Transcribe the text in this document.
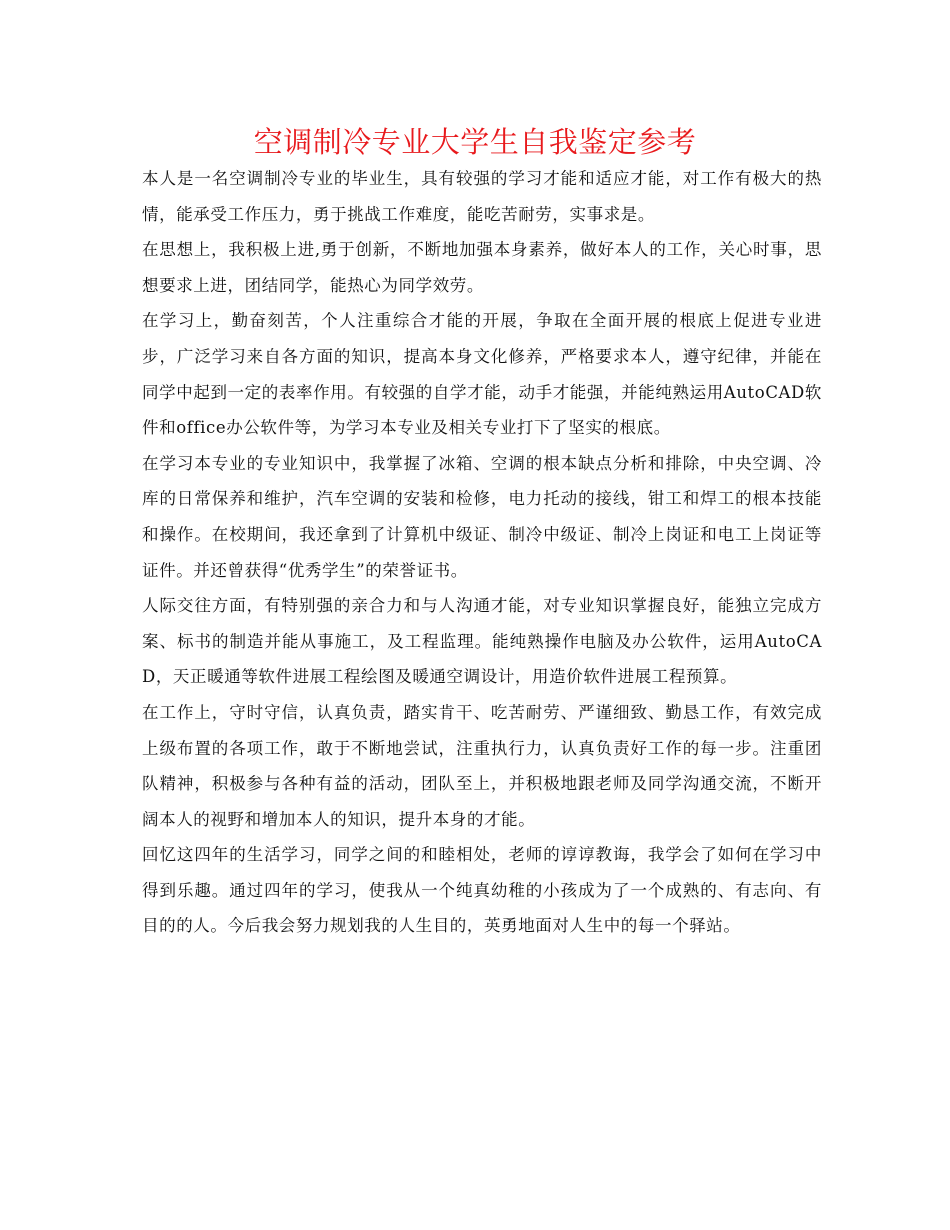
空调制冷专业大学生自我鉴定参考

本人是一名空调制冷专业的毕业生，具有较强的学习才能和适应才能，对工作有极大的热情，能承受工作压力，勇于挑战工作难度，能吃苦耐劳，实事求是。

在思想上，我积极上进,勇于创新，不断地加强本身素养，做好本人的工作，关心时事，思想要求上进，团结同学，能热心为同学效劳。

在学习上，勤奋刻苦，个人注重综合才能的开展，争取在全面开展的根底上促进专业进步，广泛学习来自各方面的知识，提高本身文化修养，严格要求本人，遵守纪律，并能在同学中起到一定的表率作用。有较强的自学才能，动手才能强，并能纯熟运用AutoCAD软件和office办公软件等，为学习本专业及相关专业打下了坚实的根底。

在学习本专业的专业知识中，我掌握了冰箱、空调的根本缺点分析和排除，中央空调、冷库的日常保养和维护，汽车空调的安装和检修，电力托动的接线，钳工和焊工的根本技能和操作。在校期间，我还拿到了计算机中级证、制冷中级证、制冷上岗证和电工上岗证等证件。并还曾获得“优秀学生”的荣誉证书。

人际交往方面，有特别强的亲合力和与人沟通才能，对专业知识掌握良好，能独立完成方案、标书的制造并能从事施工，及工程监理。能纯熟操作电脑及办公软件，运用AutoCAD，天正暖通等软件进展工程绘图及暖通空调设计，用造价软件进展工程预算。

在工作上，守时守信，认真负责，踏实肯干、吃苦耐劳、严谨细致、勤恳工作，有效完成上级布置的各项工作，敢于不断地尝试，注重执行力，认真负责好工作的每一步。注重团队精神，积极参与各种有益的活动，团队至上，并积极地跟老师及同学沟通交流，不断开阔本人的视野和增加本人的知识，提升本身的才能。

回忆这四年的生活学习，同学之间的和睦相处，老师的谆谆教诲，我学会了如何在学习中得到乐趣。通过四年的学习，使我从一个纯真幼稚的小孩成为了一个成熟的、有志向、有目的的人。今后我会努力规划我的人生目的，英勇地面对人生中的每一个驿站。
